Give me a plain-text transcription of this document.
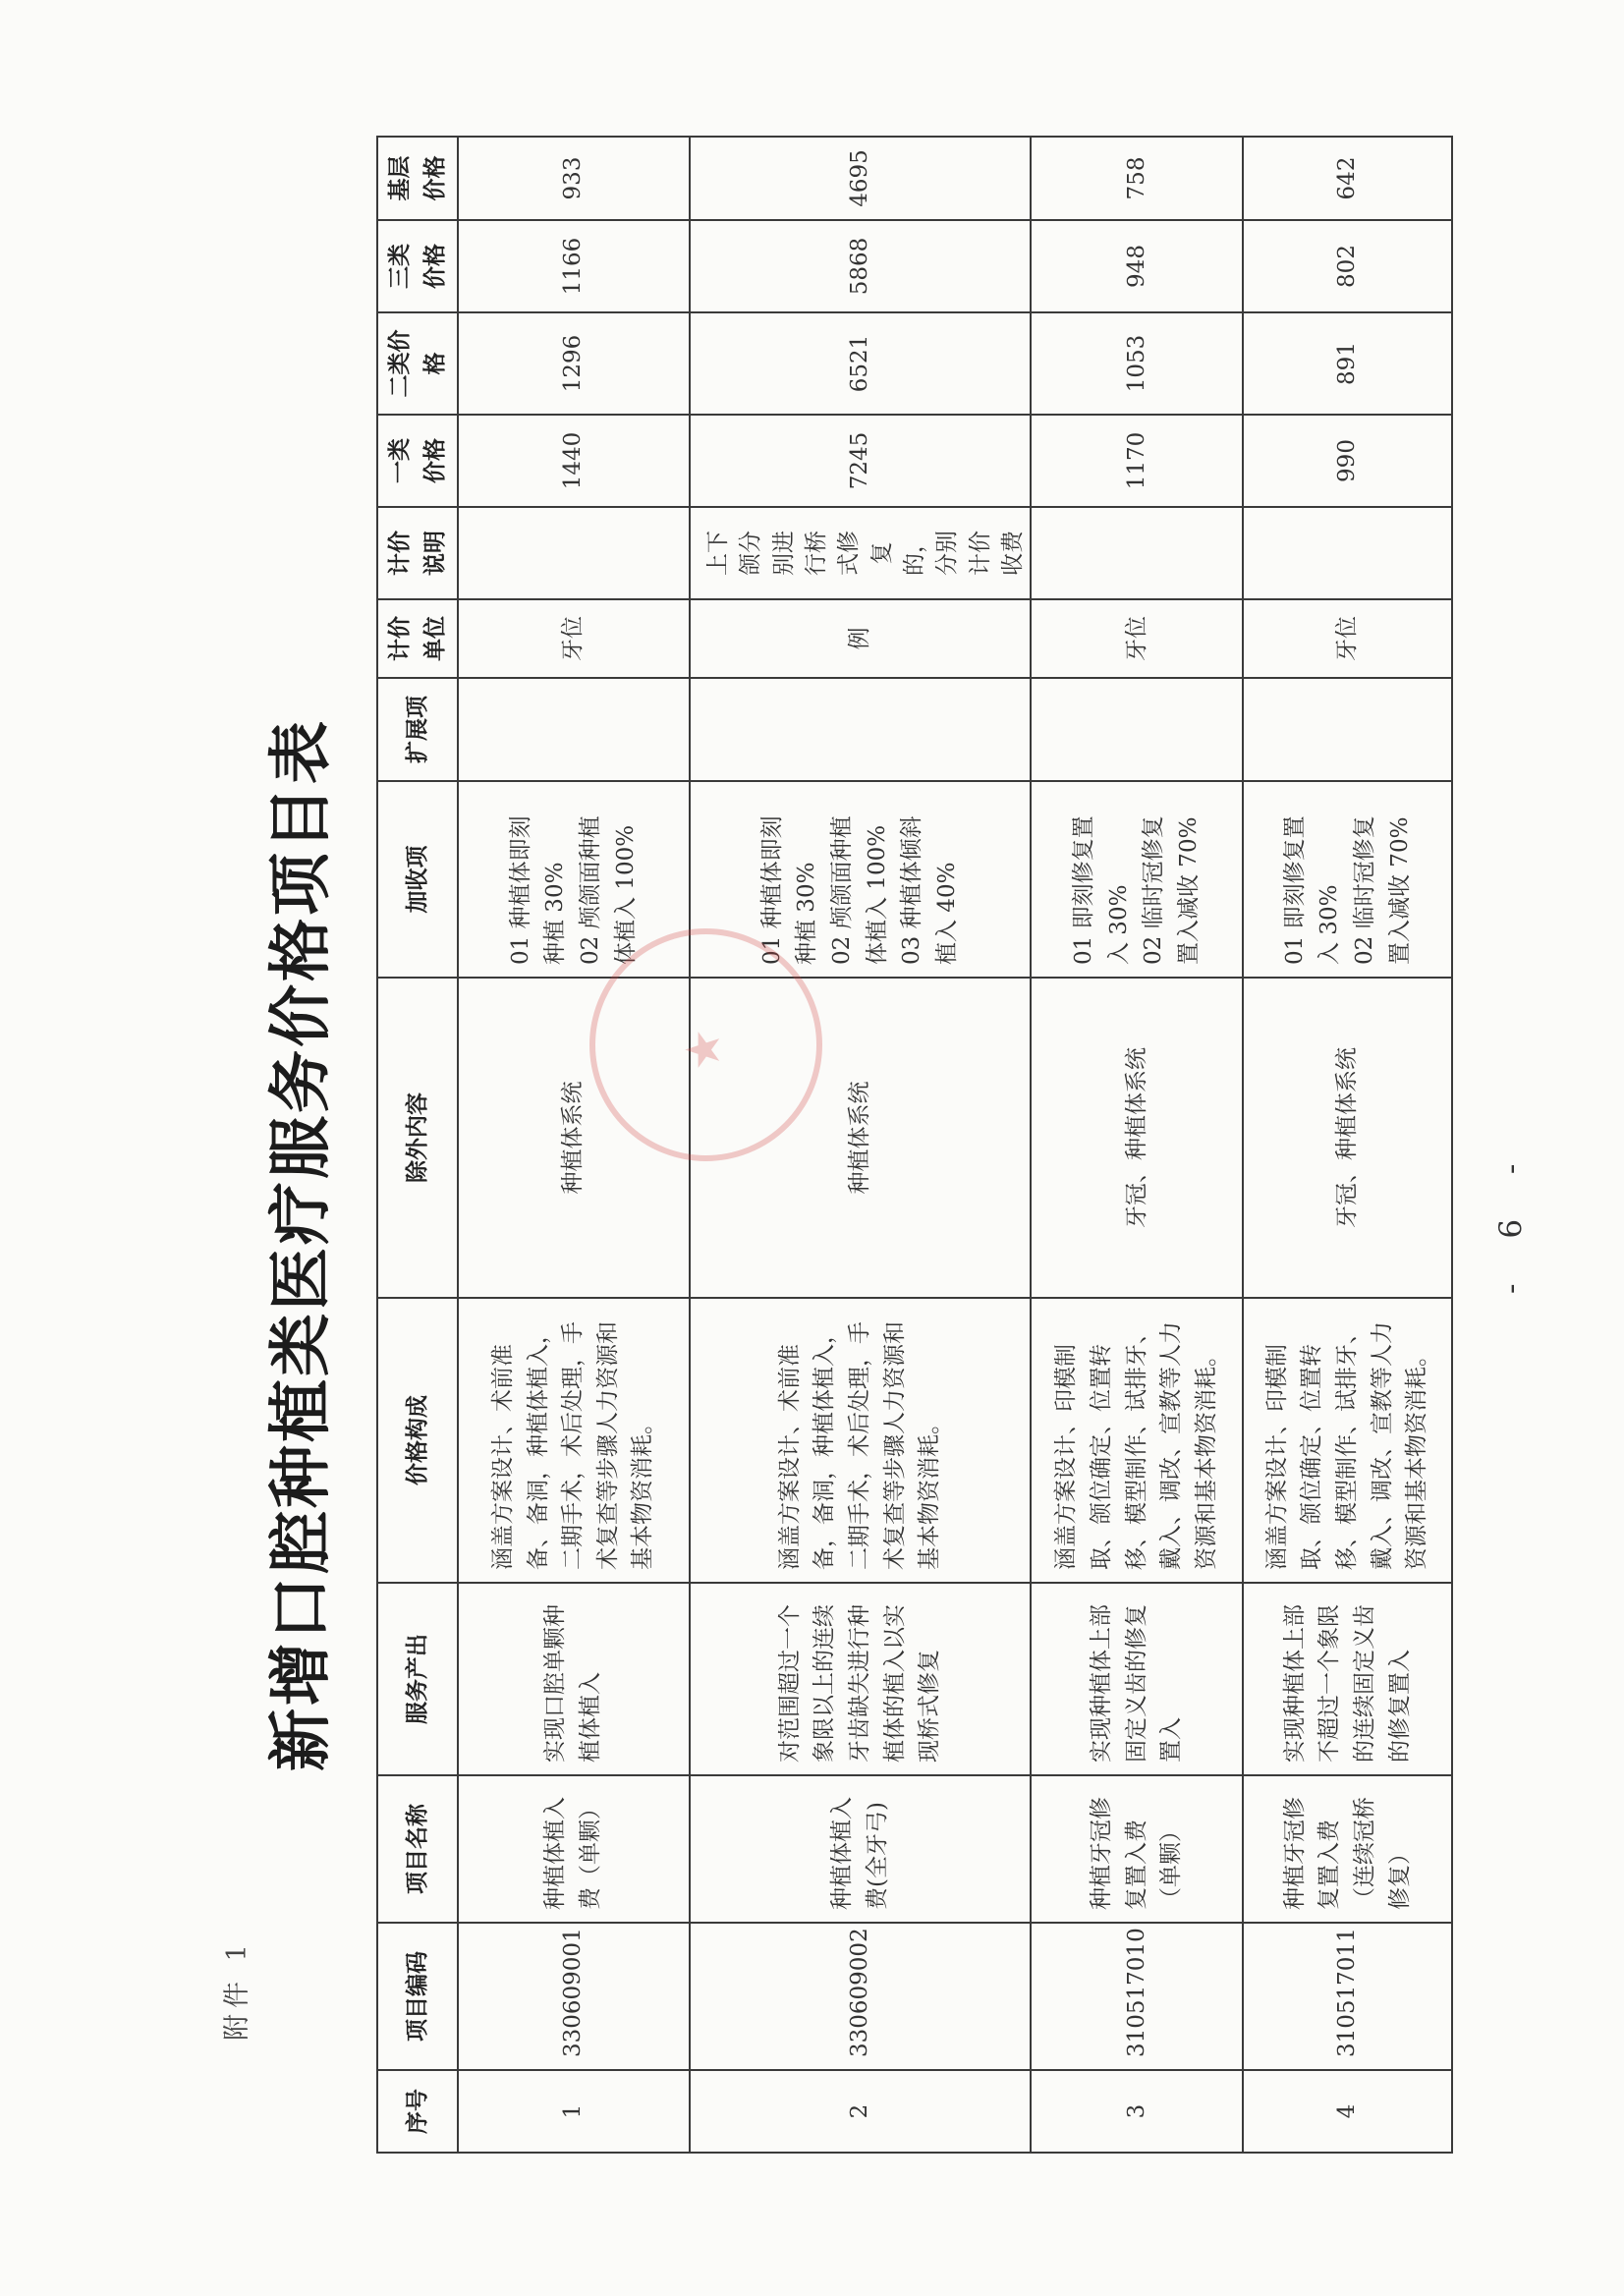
附件 1
新增口腔种植类医疗服务价格项目表
序号	项目编码	项目名称	服务产出	价格构成	除外内容	加收项	扩展项	计价单位	计价说明	一类价格	二类价格	三类价格	基层价格
1	330609001	种植体植入费（单颗）	实现口腔单颗种植体植入	涵盖方案设计、术前准备、备洞，种植体植入，二期手术，术后处理，手术复查等步骤人力资源和基本物资消耗。	种植体系统	01 种植体即刻种植 30%
02 颅颌面种植体植入 100%		牙位		1440	1296	1166	933
2	330609002	种植体植入费(全牙弓)	对范围超过一个象限以上的连续牙齿缺失进行种植体的植入以实现桥式修复	涵盖方案设计、术前准备，备洞，种植体植入，二期手术，术后处理，手术复查等步骤人力资源和基本物资消耗。	种植体系统	01 种植体即刻种植 30%
02 颅颌面种植体植入 100%
03 种植体倾斜植入 40%		例	上下颌分别进行桥式修复的，分别计价收费	7245	6521	5868	4695
3	310517010	种植牙冠修复置入费（单颗）	实现种植体上部固定义齿的修复置入	涵盖方案设计、印模制取、颌位确定、位置转移、模型制作、试排牙、戴入、调改、宣教等人力资源和基本物资消耗。	牙冠、种植体系统	01 即刻修复置入 30%
02 临时冠修复置入减收 70%		牙位		1170	1053	948	758
4	310517011	种植牙冠修复置入费（连续冠桥修复）	实现种植体上部不超过一个象限的连续固定义齿的修复置入	涵盖方案设计、印模制取、颌位确定、位置转移、模型制作、试排牙、戴入、调改、宣教等人力资源和基本物资消耗。	牙冠、种植体系统	01 即刻修复置入 30%
02 临时冠修复置入减收 70%		牙位		990	891	802	642
★
- 6 -
